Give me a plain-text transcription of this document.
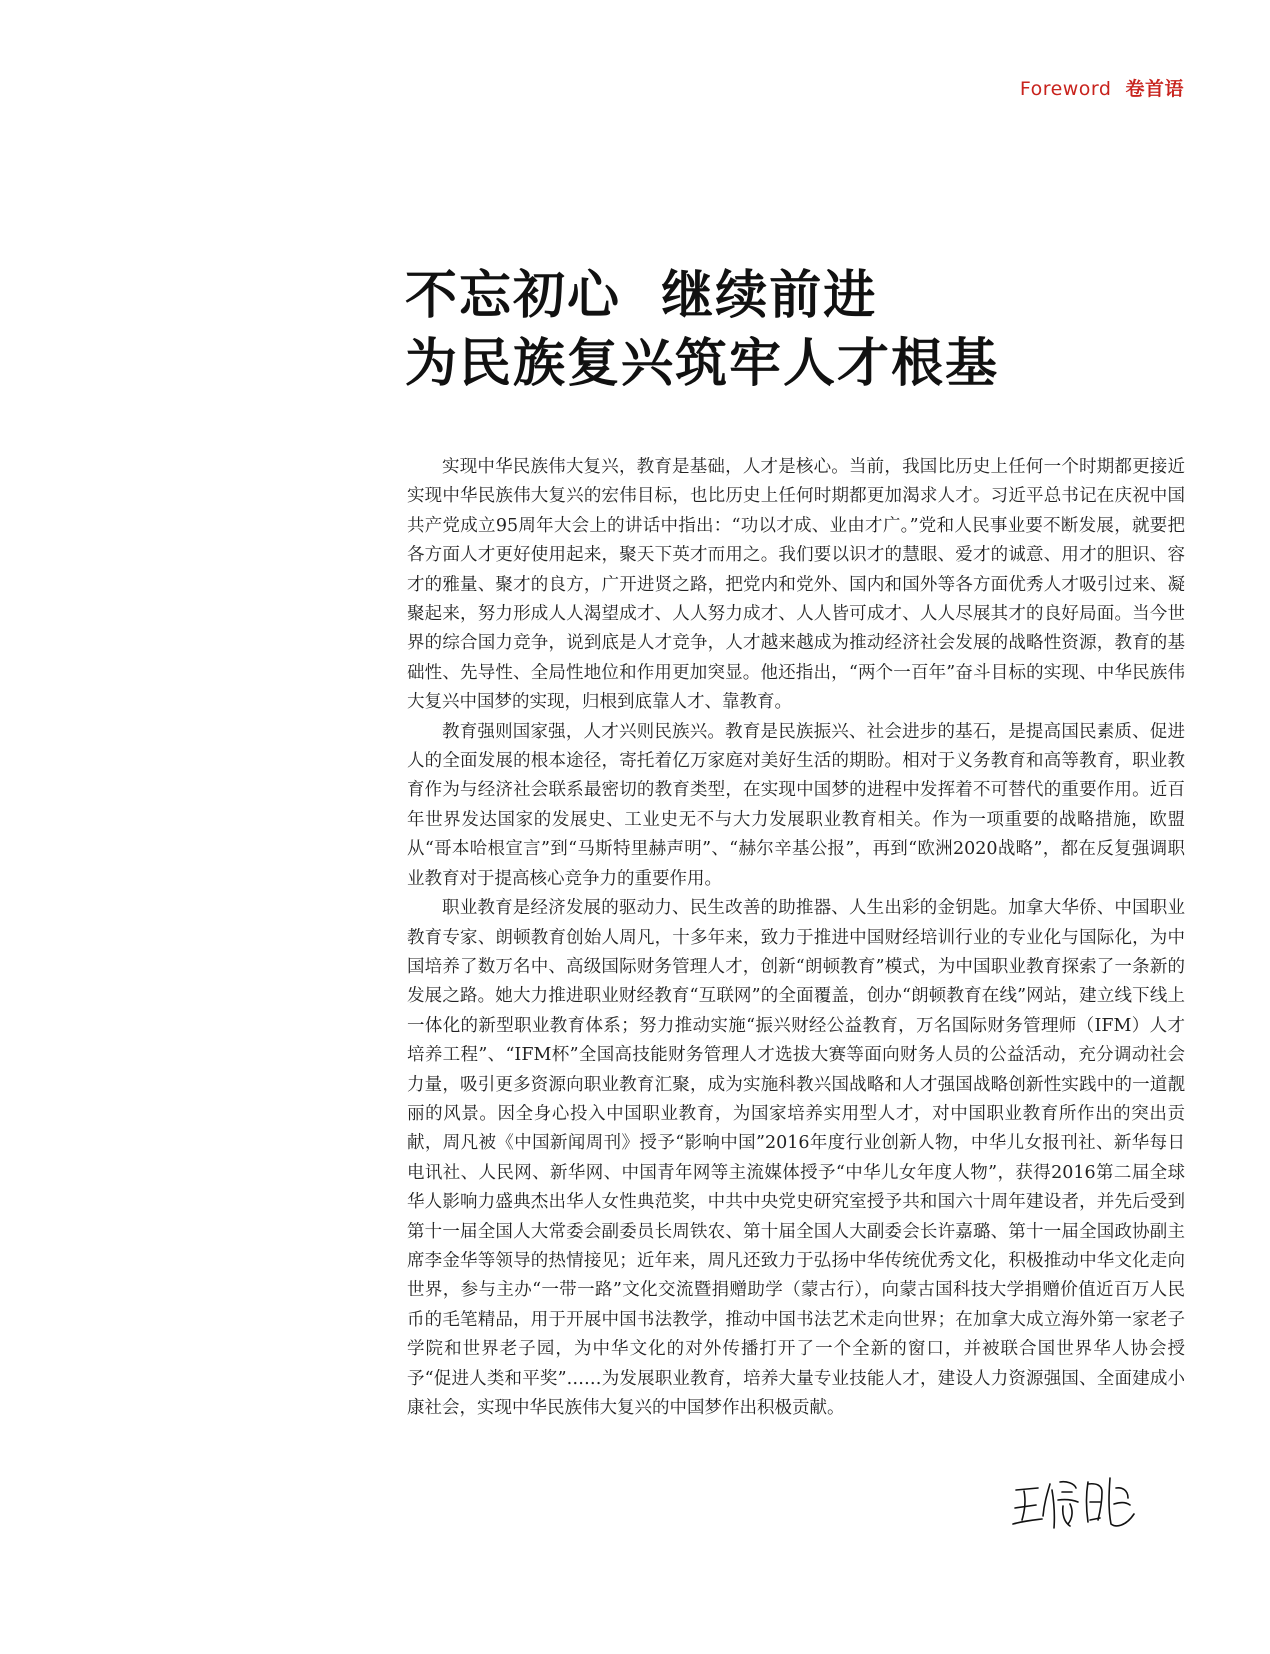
Foreword 卷首语
不忘初心  继续前进
为民族复兴筑牢人才根基

实现中华民族伟大复兴，教育是基础，人才是核心。当前，我国比历史上任何一个时期都更接近实现中华民族伟大复兴的宏伟目标，也比历史上任何时期都更加渴求人才。习近平总书记在庆祝中国共产党成立95周年大会上的讲话中指出：“功以才成、业由才广。”党和人民事业要不断发展，就要把各方面人才更好使用起来，聚天下英才而用之。我们要以识才的慧眼、爱才的诚意、用才的胆识、容才的雅量、聚才的良方，广开进贤之路，把党内和党外、国内和国外等各方面优秀人才吸引过来、凝聚起来，努力形成人人渴望成才、人人努力成才、人人皆可成才、人人尽展其才的良好局面。当今世界的综合国力竞争，说到底是人才竞争，人才越来越成为推动经济社会发展的战略性资源，教育的基础性、先导性、全局性地位和作用更加突显。他还指出，“两个一百年”奋斗目标的实现、中华民族伟大复兴中国梦的实现，归根到底靠人才、靠教育。

教育强则国家强，人才兴则民族兴。教育是民族振兴、社会进步的基石，是提高国民素质、促进人的全面发展的根本途径，寄托着亿万家庭对美好生活的期盼。相对于义务教育和高等教育，职业教育作为与经济社会联系最密切的教育类型，在实现中国梦的进程中发挥着不可替代的重要作用。近百年世界发达国家的发展史、工业史无不与大力发展职业教育相关。作为一项重要的战略措施，欧盟从“哥本哈根宣言”到“马斯特里赫声明”、“赫尔辛基公报”，再到“欧洲2020战略”，都在反复强调职业教育对于提高核心竞争力的重要作用。

职业教育是经济发展的驱动力、民生改善的助推器、人生出彩的金钥匙。加拿大华侨、中国职业教育专家、朗顿教育创始人周凡，十多年来，致力于推进中国财经培训行业的专业化与国际化，为中国培养了数万名中、高级国际财务管理人才，创新“朗顿教育”模式，为中国职业教育探索了一条新的发展之路。她大力推进职业财经教育“互联网”的全面覆盖，创办“朗顿教育在线”网站，建立线下线上一体化的新型职业教育体系；努力推动实施“振兴财经公益教育，万名国际财务管理师（IFM）人才培养工程”、“IFM杯”全国高技能财务管理人才选拔大赛等面向财务人员的公益活动，充分调动社会力量，吸引更多资源向职业教育汇聚，成为实施科教兴国战略和人才强国战略创新性实践中的一道靓丽的风景。因全身心投入中国职业教育，为国家培养实用型人才，对中国职业教育所作出的突出贡献，周凡被《中国新闻周刊》授予“影响中国”2016年度行业创新人物，中华儿女报刊社、新华每日电讯社、人民网、新华网、中国青年网等主流媒体授予“中华儿女年度人物”，获得2016第二届全球华人影响力盛典杰出华人女性典范奖，中共中央党史研究室授予共和国六十周年建设者，并先后受到第十一届全国人大常委会副委员长周铁农、第十届全国人大副委会长许嘉璐、第十一届全国政协副主席李金华等领导的热情接见；近年来，周凡还致力于弘扬中华传统优秀文化，积极推动中华文化走向世界，参与主办“一带一路”文化交流暨捐赠助学（蒙古行），向蒙古国科技大学捐赠价值近百万人民币的毛笔精品，用于开展中国书法教学，推动中国书法艺术走向世界；在加拿大成立海外第一家老子学院和世界老子园，为中华文化的对外传播打开了一个全新的窗口，并被联合国世界华人协会授予“促进人类和平奖”……为发展职业教育，培养大量专业技能人才，建设人力资源强国、全面建成小康社会，实现中华民族伟大复兴的中国梦作出积极贡献。
